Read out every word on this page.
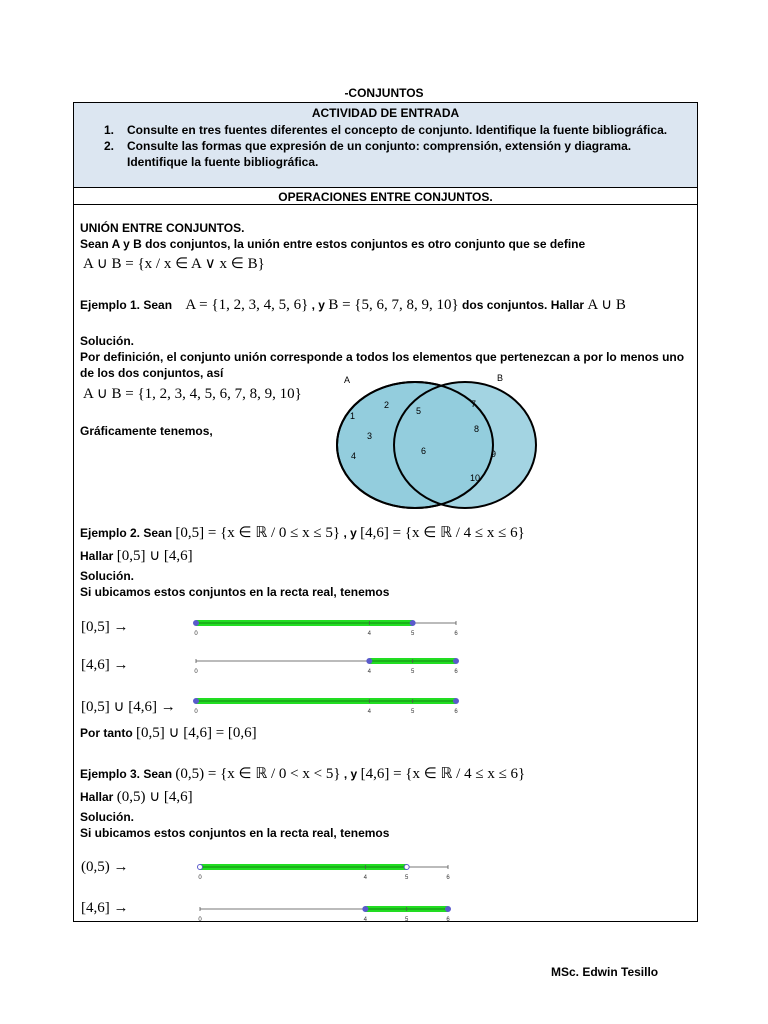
-CONJUNTOS
ACTIVIDAD DE ENTRADA
1. Consulte en tres fuentes diferentes el concepto de conjunto. Identifique la fuente bibliográfica.
2. Consulte las formas que expresión de un conjunto: comprensión, extensión y diagrama.
Identifique la fuente bibliográfica.
OPERACIONES ENTRE CONJUNTOS.
UNIÓN ENTRE CONJUNTOS.
Sean A y B dos conjuntos, la unión entre estos conjuntos es otro conjunto que se define
A ∪ B = {x / x ∈ A ∨ x ∈ B}
Ejemplo 1. Sean A = {1, 2, 3, 4, 5, 6} , y B = {5, 6, 7, 8, 9, 10} dos conjuntos. Hallar A ∪ B
Solución.
Por definición, el conjunto unión corresponde a todos los elementos que pertenezcan a por lo menos uno
de los dos conjuntos, así
A ∪ B = {1, 2, 3, 4, 5, 6, 7, 8, 9, 10}
Gráficamente tenemos,
A	B
1
2
3
4
5
6
7
8
9
10
Ejemplo 2. Sean [0,5] = {x ∈ ℝ / 0 ≤ x ≤ 5} , y [4,6] = {x ∈ ℝ / 4 ≤ x ≤ 6}
Hallar [0,5] ∪ [4,6]
Solución.
Si ubicamos estos conjuntos en la recta real, tenemos
[0,5] →
[4,6] →
[0,5] ∪ [4,6] →
0	4	5	6
0	4	5	6
0	4	5	6
Por tanto [0,5] ∪ [4,6] = [0,6]
Ejemplo 3. Sean (0,5) = {x ∈ ℝ / 0 < x < 5} , y [4,6] = {x ∈ ℝ / 4 ≤ x ≤ 6}
Hallar (0,5) ∪ [4,6]
Solución.
Si ubicamos estos conjuntos en la recta real, tenemos
(0,5) →
[4,6] →
0	4	5	6
0	4	5	6
MSc. Edwin Tesillo
